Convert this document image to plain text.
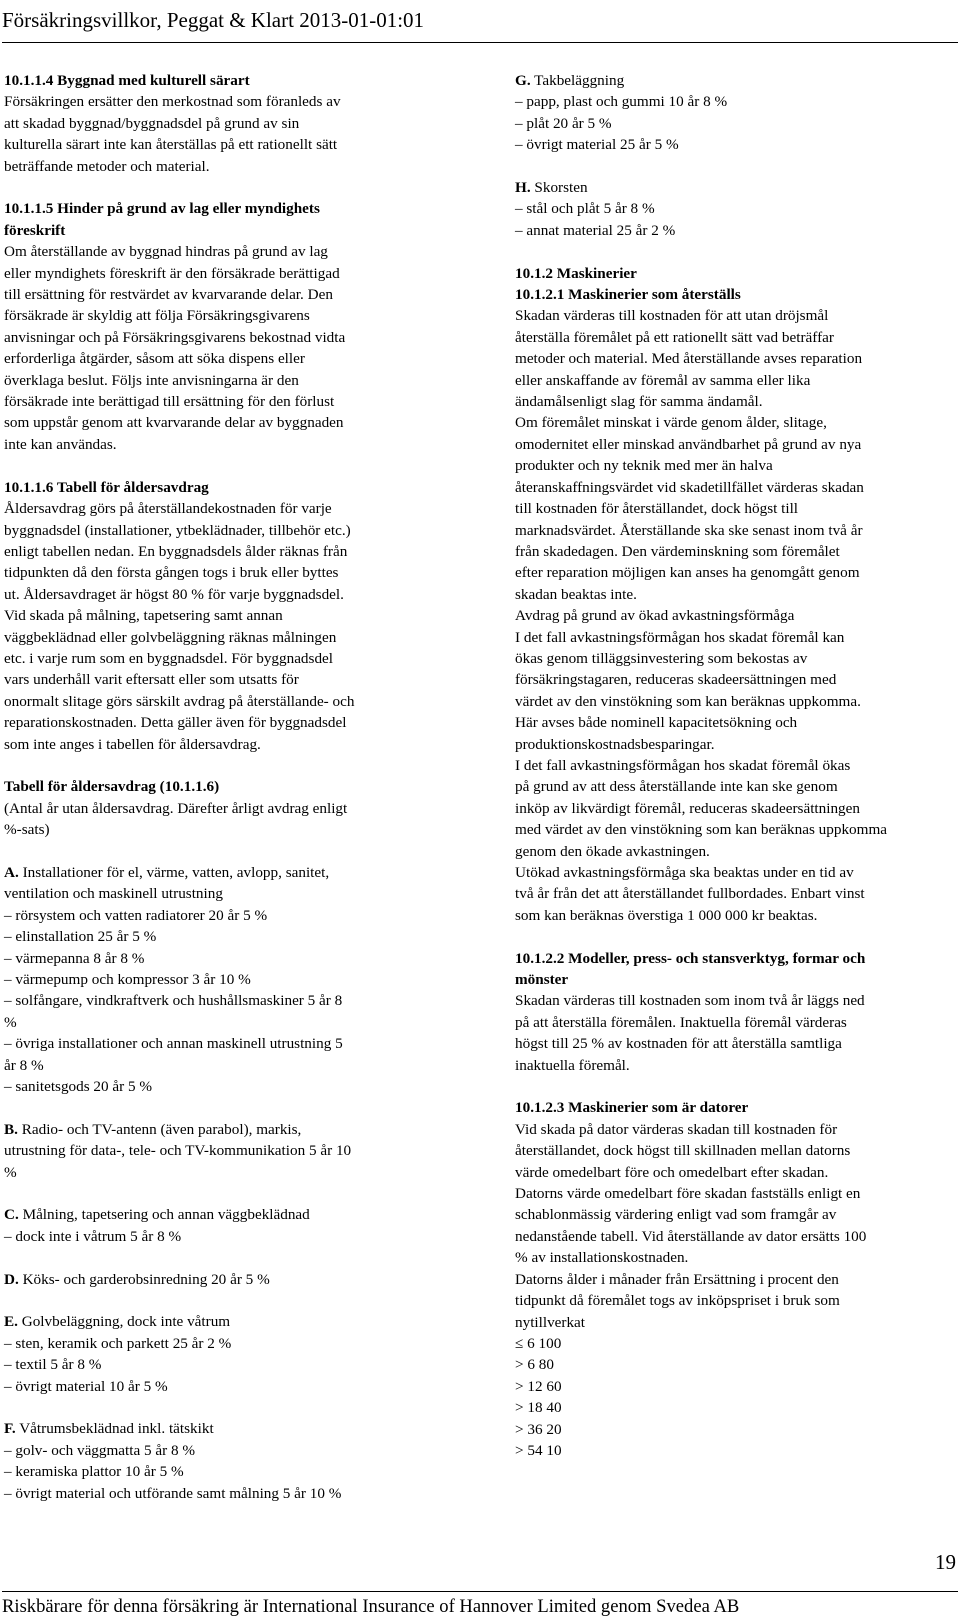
Försäkringsvillkor, Peggat & Klart 2013-01-01:01
10.1.1.4 Byggnad med kulturell särart
Försäkringen ersätter den merkostnad som föranleds av
att skadad byggnad/byggnadsdel på grund av sin
kulturella särart inte kan återställas på ett rationellt sätt
beträffande metoder och material.
10.1.1.5 Hinder på grund av lag eller myndighets
föreskrift
Om återställande av byggnad hindras på grund av lag
eller myndighets föreskrift är den försäkrade berättigad
till ersättning för restvärdet av kvarvarande delar. Den
försäkrade är skyldig att följa Försäkringsgivarens
anvisningar och på Försäkringsgivarens bekostnad vidta
erforderliga åtgärder, såsom att söka dispens eller
överklaga beslut. Följs inte anvisningarna är den
försäkrade inte berättigad till ersättning för den förlust
som uppstår genom att kvarvarande delar av byggnaden
inte kan användas.
10.1.1.6 Tabell för åldersavdrag
Åldersavdrag görs på återställandekostnaden för varje
byggnadsdel (installationer, ytbeklädnader, tillbehör etc.)
enligt tabellen nedan. En byggnadsdels ålder räknas från
tidpunkten då den första gången togs i bruk eller byttes
ut. Åldersavdraget är högst 80 % för varje byggnadsdel.
Vid skada på målning, tapetsering samt annan
väggbeklädnad eller golvbeläggning räknas målningen
etc. i varje rum som en byggnadsdel. För byggnadsdel
vars underhåll varit eftersatt eller som utsatts för
onormalt slitage görs särskilt avdrag på återställande- och
reparationskostnaden. Detta gäller även för byggnadsdel
som inte anges i tabellen för åldersavdrag.
Tabell för åldersavdrag (10.1.1.6)
(Antal år utan åldersavdrag. Därefter årligt avdrag enligt
%-sats)
A. Installationer för el, värme, vatten, avlopp, sanitet,
ventilation och maskinell utrustning
– rörsystem och vatten radiatorer 20 år 5 %
– elinstallation 25 år 5 %
– värmepanna 8 år 8 %
– värmepump och kompressor 3 år 10 %
– solfångare, vindkraftverk och hushållsmaskiner 5 år 8
%
– övriga installationer och annan maskinell utrustning 5
år 8 %
– sanitetsgods 20 år 5 %
B. Radio- och TV-antenn (även parabol), markis,
utrustning för data-, tele- och TV-kommunikation 5 år 10
%
C. Målning, tapetsering och annan väggbeklädnad
– dock inte i våtrum 5 år 8 %
D. Köks- och garderobsinredning 20 år 5 %
E. Golvbeläggning, dock inte våtrum
– sten, keramik och parkett 25 år 2 %
– textil 5 år 8 %
– övrigt material 10 år 5 %
F. Våtrumsbeklädnad inkl. tätskikt
– golv- och väggmatta 5 år 8 %
– keramiska plattor 10 år 5 %
– övrigt material och utförande samt målning 5 år 10 %
G. Takbeläggning
– papp, plast och gummi 10 år 8 %
– plåt 20 år 5 %
– övrigt material 25 år 5 %
H. Skorsten
– stål och plåt 5 år 8 %
– annat material 25 år 2 %
10.1.2 Maskinerier
10.1.2.1 Maskinerier som återställs
Skadan värderas till kostnaden för att utan dröjsmål
återställa föremålet på ett rationellt sätt vad beträffar
metoder och material. Med återställande avses reparation
eller anskaffande av föremål av samma eller lika
ändamålsenligt slag för samma ändamål.
Om föremålet minskat i värde genom ålder, slitage,
omodernitet eller minskad användbarhet på grund av nya
produkter och ny teknik med mer än halva
återanskaffningsvärdet vid skadetillfället värderas skadan
till kostnaden för återställandet, dock högst till
marknadsvärdet. Återställande ska ske senast inom två år
från skadedagen. Den värdeminskning som föremålet
efter reparation möjligen kan anses ha genomgått genom
skadan beaktas inte.
Avdrag på grund av ökad avkastningsförmåga
I det fall avkastningsförmågan hos skadat föremål kan
ökas genom tilläggsinvestering som bekostas av
försäkringstagaren, reduceras skadeersättningen med
värdet av den vinstökning som kan beräknas uppkomma.
Här avses både nominell kapacitetsökning och
produktionskostnadsbesparingar.
I det fall avkastningsförmågan hos skadat föremål ökas
på grund av att dess återställande inte kan ske genom
inköp av likvärdigt föremål, reduceras skadeersättningen
med värdet av den vinstökning som kan beräknas uppkomma
genom den ökade avkastningen.
Utökad avkastningsförmåga ska beaktas under en tid av
två år från det att återställandet fullbordades. Enbart vinst
som kan beräknas överstiga 1 000 000 kr beaktas.
10.1.2.2 Modeller, press- och stansverktyg, formar och
mönster
Skadan värderas till kostnaden som inom två år läggs ned
på att återställa föremålen. Inaktuella föremål värderas
högst till 25 % av kostnaden för att återställa samtliga
inaktuella föremål.
10.1.2.3 Maskinerier som är datorer
Vid skada på dator värderas skadan till kostnaden för
återställandet, dock högst till skillnaden mellan datorns
värde omedelbart före och omedelbart efter skadan.
Datorns värde omedelbart före skadan fastställs enligt en
schablonmässig värdering enligt vad som framgår av
nedanstående tabell. Vid återställande av dator ersätts 100
% av installationskostnaden.
Datorns ålder i månader från Ersättning i procent den
tidpunkt då föremålet togs av inköpspriset i bruk som
nytillverkat
≤ 6 100
> 6 80
> 12 60
> 18 40
> 36 20
> 54 10
19
Riskbärare för denna försäkring är International Insurance of Hannover Limited genom Svedea AB
